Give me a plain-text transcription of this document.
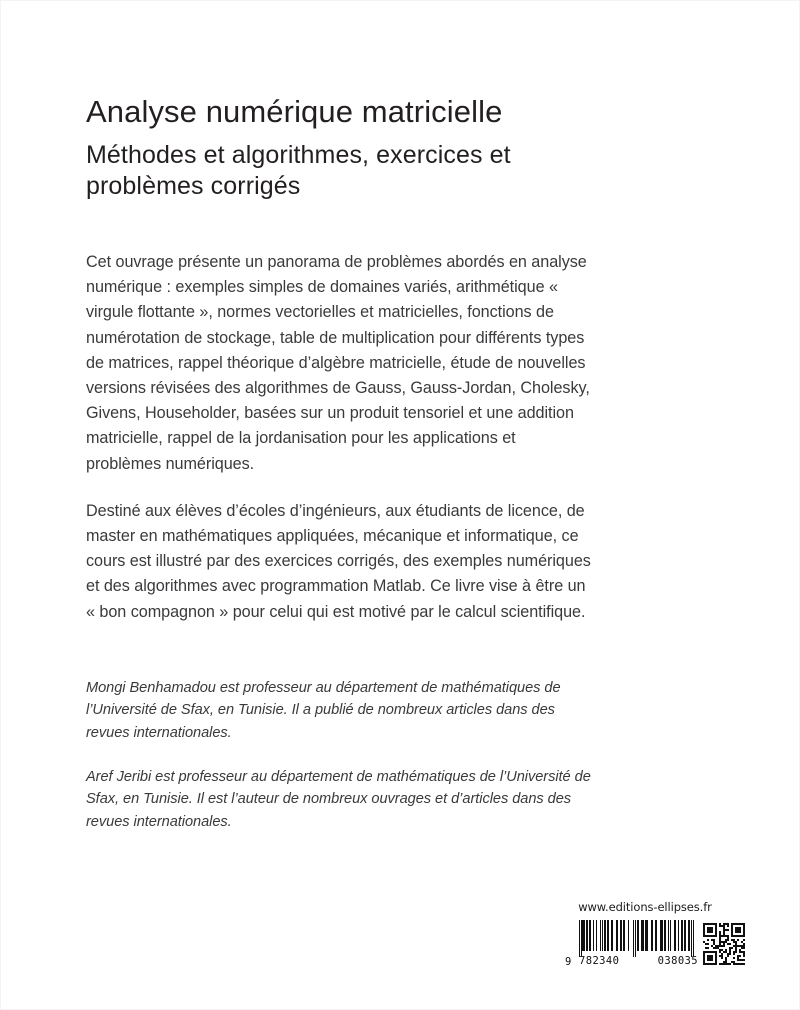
Analyse numérique matricielle
Méthodes et algorithmes, exercices et problèmes corrigés

Cet ouvrage présente un panorama de problèmes abordés en analyse numérique : exemples simples de domaines variés, arithmétique « virgule flottante », normes vectorielles et matricielles, fonctions de numérotation de stockage, table de multiplication pour différents types de matrices, rappel théorique d’algèbre matricielle, étude de nouvelles versions révisées des algorithmes de Gauss, Gauss-Jordan, Cholesky, Givens, Householder, basées sur un produit tensoriel et une addition matricielle, rappel de la jordanisation pour les applications et problèmes numériques.

Destiné aux élèves d’écoles d’ingénieurs, aux étudiants de licence, de master en mathématiques appliquées, mécanique et informatique, ce cours est illustré par des exercices corrigés, des exemples numériques et des algorithmes avec programmation Matlab. Ce livre vise à être un « bon compagnon » pour celui qui est motivé par le calcul scientifique.

Mongi Benhamadou est professeur au département de mathématiques de l’Université de Sfax, en Tunisie. Il a publié de nombreux articles dans des revues internationales.

Aref Jeribi est professeur au département de mathématiques de l’Université de Sfax, en Tunisie. Il est l’auteur de nombreux ouvrages et d’articles dans des revues internationales.

www.editions-ellipses.fr
9 782340	038035
